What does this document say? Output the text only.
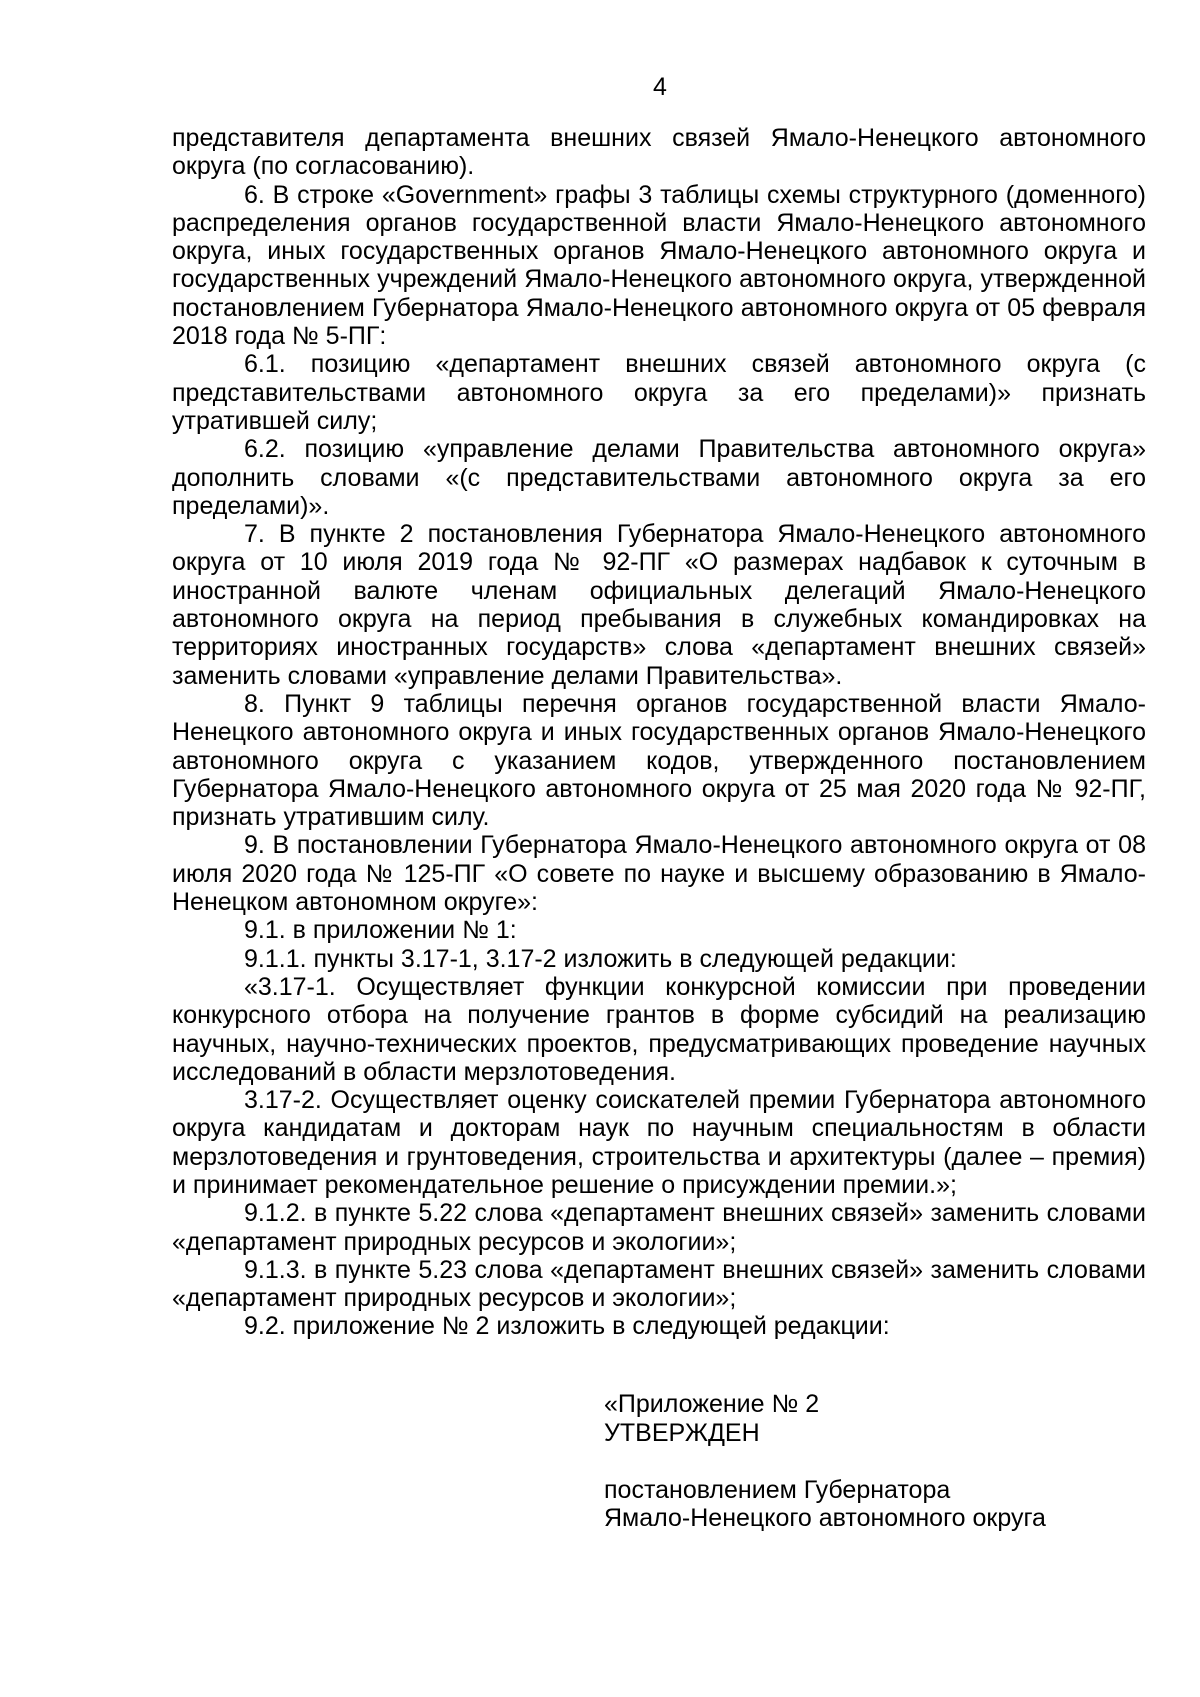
4

представителя департамента внешних связей Ямало-Ненецкого автономного округа (по согласованию).

6. В строке «Government» графы 3 таблицы схемы структурного (доменного) распределения органов государственной власти Ямало-Ненецкого автономного округа, иных государственных органов Ямало-Ненецкого автономного округа и государственных учреждений Ямало-Ненецкого автономного округа, утвержденной постановлением Губернатора Ямало-Ненецкого автономного округа от 05 февраля 2018 года № 5-ПГ:

6.1. позицию «департамент внешних связей автономного округа (с представительствами автономного округа за его пределами)» признать утратившей силу;

6.2. позицию «управление делами Правительства автономного округа» дополнить словами «(с представительствами автономного округа за его пределами)».

7. В пункте 2 постановления Губернатора Ямало-Ненецкого автономного округа от 10 июля 2019 года № 92-ПГ «О размерах надбавок к суточным в иностранной валюте членам официальных делегаций Ямало-Ненецкого автономного округа на период пребывания в служебных командировках на территориях иностранных государств» слова «департамент внешних связей» заменить словами «управление делами Правительства».

8. Пункт 9 таблицы перечня органов государственной власти Ямало-Ненецкого автономного округа и иных государственных органов Ямало-Ненецкого автономного округа с указанием кодов, утвержденного постановлением Губернатора Ямало-Ненецкого автономного округа от 25 мая 2020 года № 92-ПГ, признать утратившим силу.

9. В постановлении Губернатора Ямало-Ненецкого автономного округа от 08 июля 2020 года № 125-ПГ «О совете по науке и высшему образованию в Ямало-Ненецком автономном округе»:

9.1. в приложении № 1:

9.1.1. пункты 3.17-1, 3.17-2 изложить в следующей редакции:

«3.17-1. Осуществляет функции конкурсной комиссии при проведении конкурсного отбора на получение грантов в форме субсидий на реализацию научных, научно-технических проектов, предусматривающих проведение научных исследований в области мерзлотоведения.

3.17-2. Осуществляет оценку соискателей премии Губернатора автономного округа кандидатам и докторам наук по научным специальностям в области мерзлотоведения и грунтоведения, строительства и архитектуры (далее – премия) и принимает рекомендательное решение о присуждении премии.»;

9.1.2. в пункте 5.22 слова «департамент внешних связей» заменить словами «департамент природных ресурсов и экологии»;

9.1.3. в пункте 5.23 слова «департамент внешних связей» заменить словами «департамент природных ресурсов и экологии»;

9.2. приложение № 2 изложить в следующей редакции:

«Приложение № 2
УТВЕРЖДЕН
постановлением Губернатора
Ямало-Ненецкого автономного округа
